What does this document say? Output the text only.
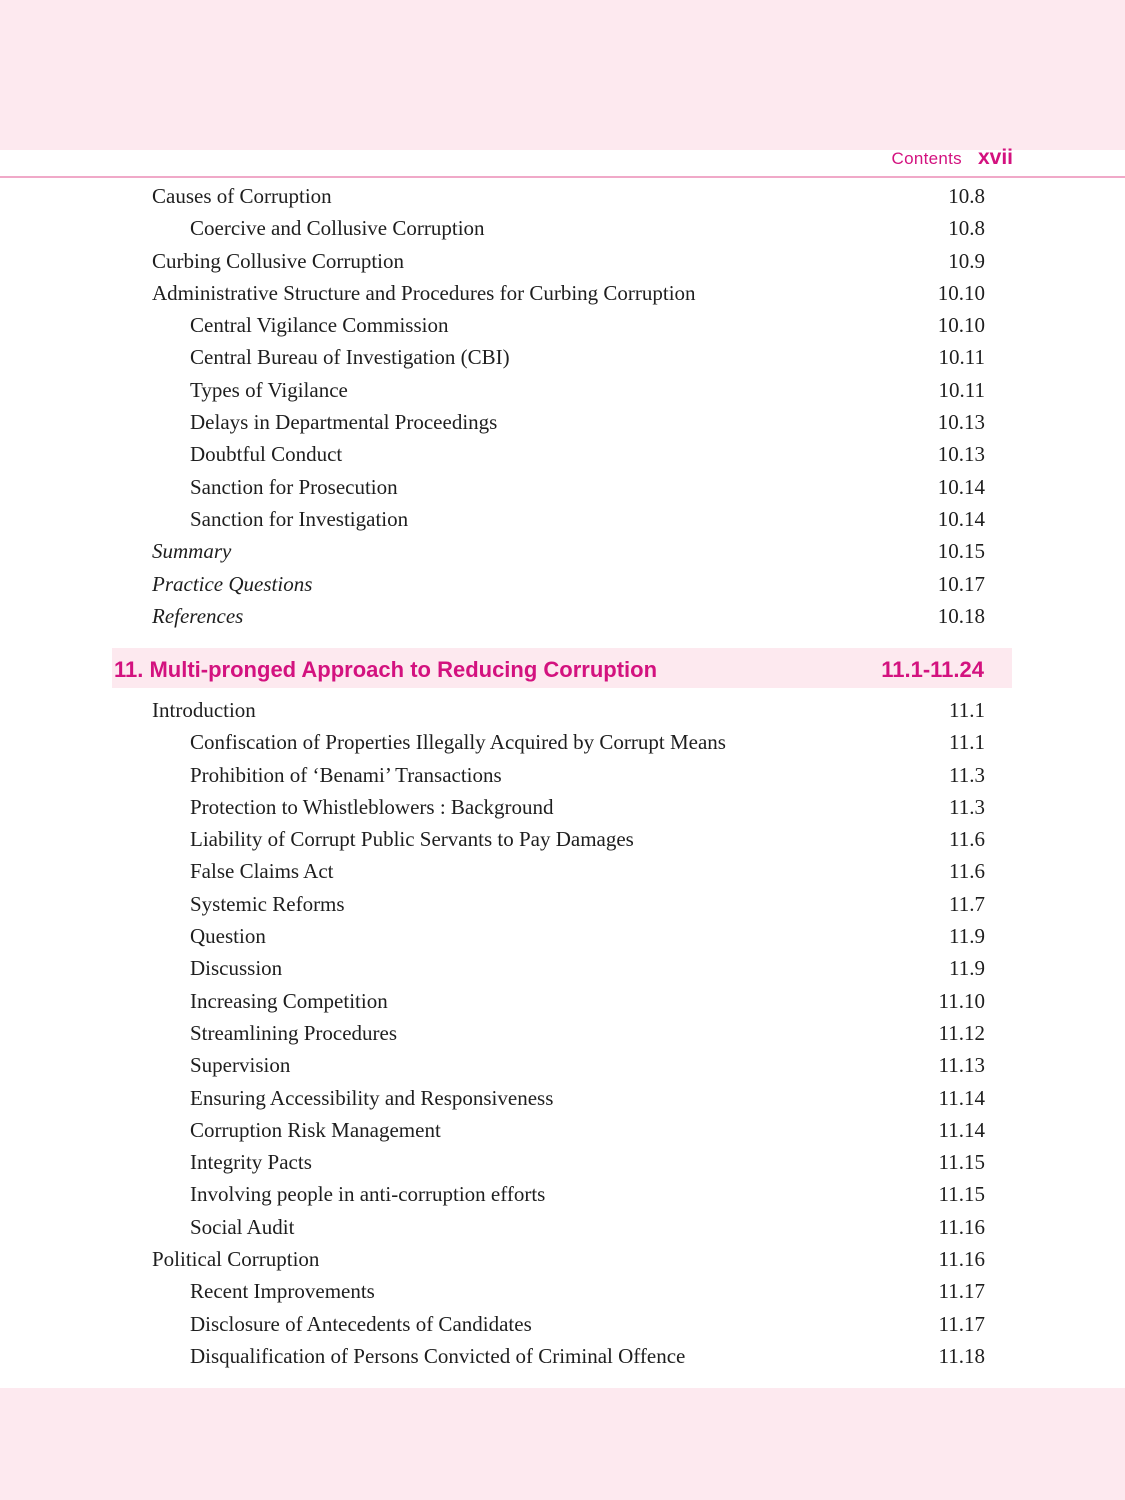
Contents xvii
Causes of Corruption	10.8
Coercive and Collusive Corruption	10.8
Curbing Collusive Corruption	10.9
Administrative Structure and Procedures for Curbing Corruption	10.10
Central Vigilance Commission	10.10
Central Bureau of Investigation (CBI)	10.11
Types of Vigilance	10.11
Delays in Departmental Proceedings	10.13
Doubtful Conduct	10.13
Sanction for Prosecution	10.14
Sanction for Investigation	10.14
Summary	10.15
Practice Questions	10.17
References	10.18
11. Multi-pronged Approach to Reducing Corruption	11.1-11.24
Introduction	11.1
Confiscation of Properties Illegally Acquired by Corrupt Means	11.1
Prohibition of ‘Benami’ Transactions	11.3
Protection to Whistleblowers : Background	11.3
Liability of Corrupt Public Servants to Pay Damages	11.6
False Claims Act	11.6
Systemic Reforms	11.7
Question	11.9
Discussion	11.9
Increasing Competition	11.10
Streamlining Procedures	11.12
Supervision	11.13
Ensuring Accessibility and Responsiveness	11.14
Corruption Risk Management	11.14
Integrity Pacts	11.15
Involving people in anti-corruption efforts	11.15
Social Audit	11.16
Political Corruption	11.16
Recent Improvements	11.17
Disclosure of Antecedents of Candidates	11.17
Disqualification of Persons Convicted of Criminal Offence	11.18
